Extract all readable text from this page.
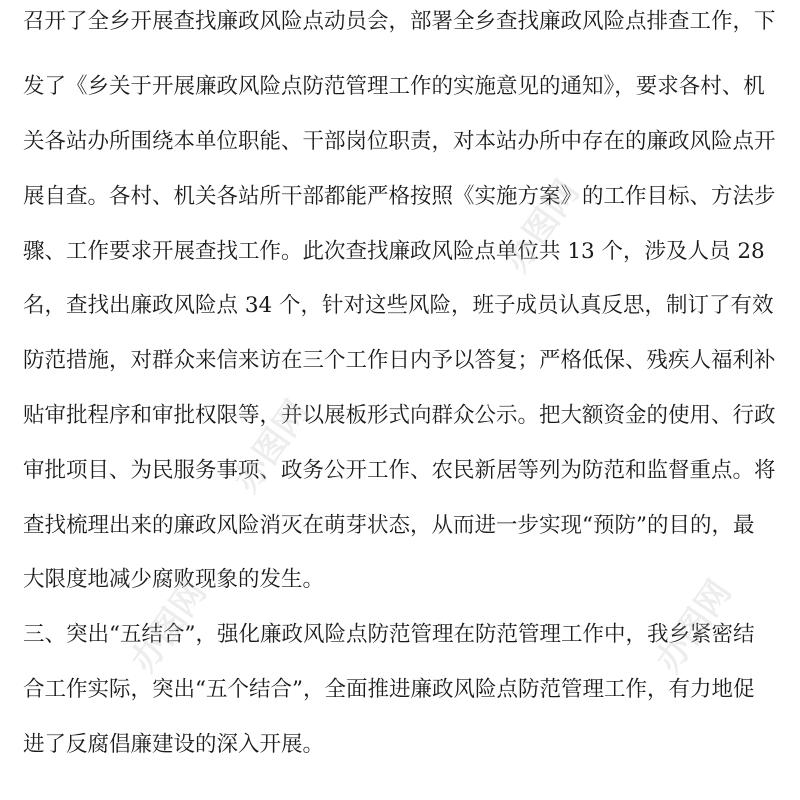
召开了全乡开展查找廉政风险点动员会，部署全乡查找廉政风险点排查工作，下
发了《乡关于开展廉政风险点防范管理工作的实施意见的通知》，要求各村、机
关各站办所围绕本单位职能、干部岗位职责，对本站办所中存在的廉政风险点开
展自查。各村、机关各站所干部都能严格按照《实施方案》的工作目标、方法步
骤、工作要求开展查找工作。此次查找廉政风险点单位共 13 个，涉及人员 28
名，查找出廉政风险点 34 个，针对这些风险，班子成员认真反思，制订了有效
防范措施，对群众来信来访在三个工作日内予以答复；严格低保、残疾人福利补
贴审批程序和审批权限等，并以展板形式向群众公示。把大额资金的使用、行政
审批项目、为民服务事项、政务公开工作、农民新居等列为防范和监督重点。将
查找梳理出来的廉政风险消灭在萌芽状态，从而进一步实现“预防”的目的，最
大限度地减少腐败现象的发生。
三、突出“五结合”，强化廉政风险点防范管理在防范管理工作中，我乡紧密结
合工作实际，突出“五个结合”，全面推进廉政风险点防范管理工作，有力地促
进了反腐倡廉建设的深入开展。
办图网
办图网
办图网
办图网
